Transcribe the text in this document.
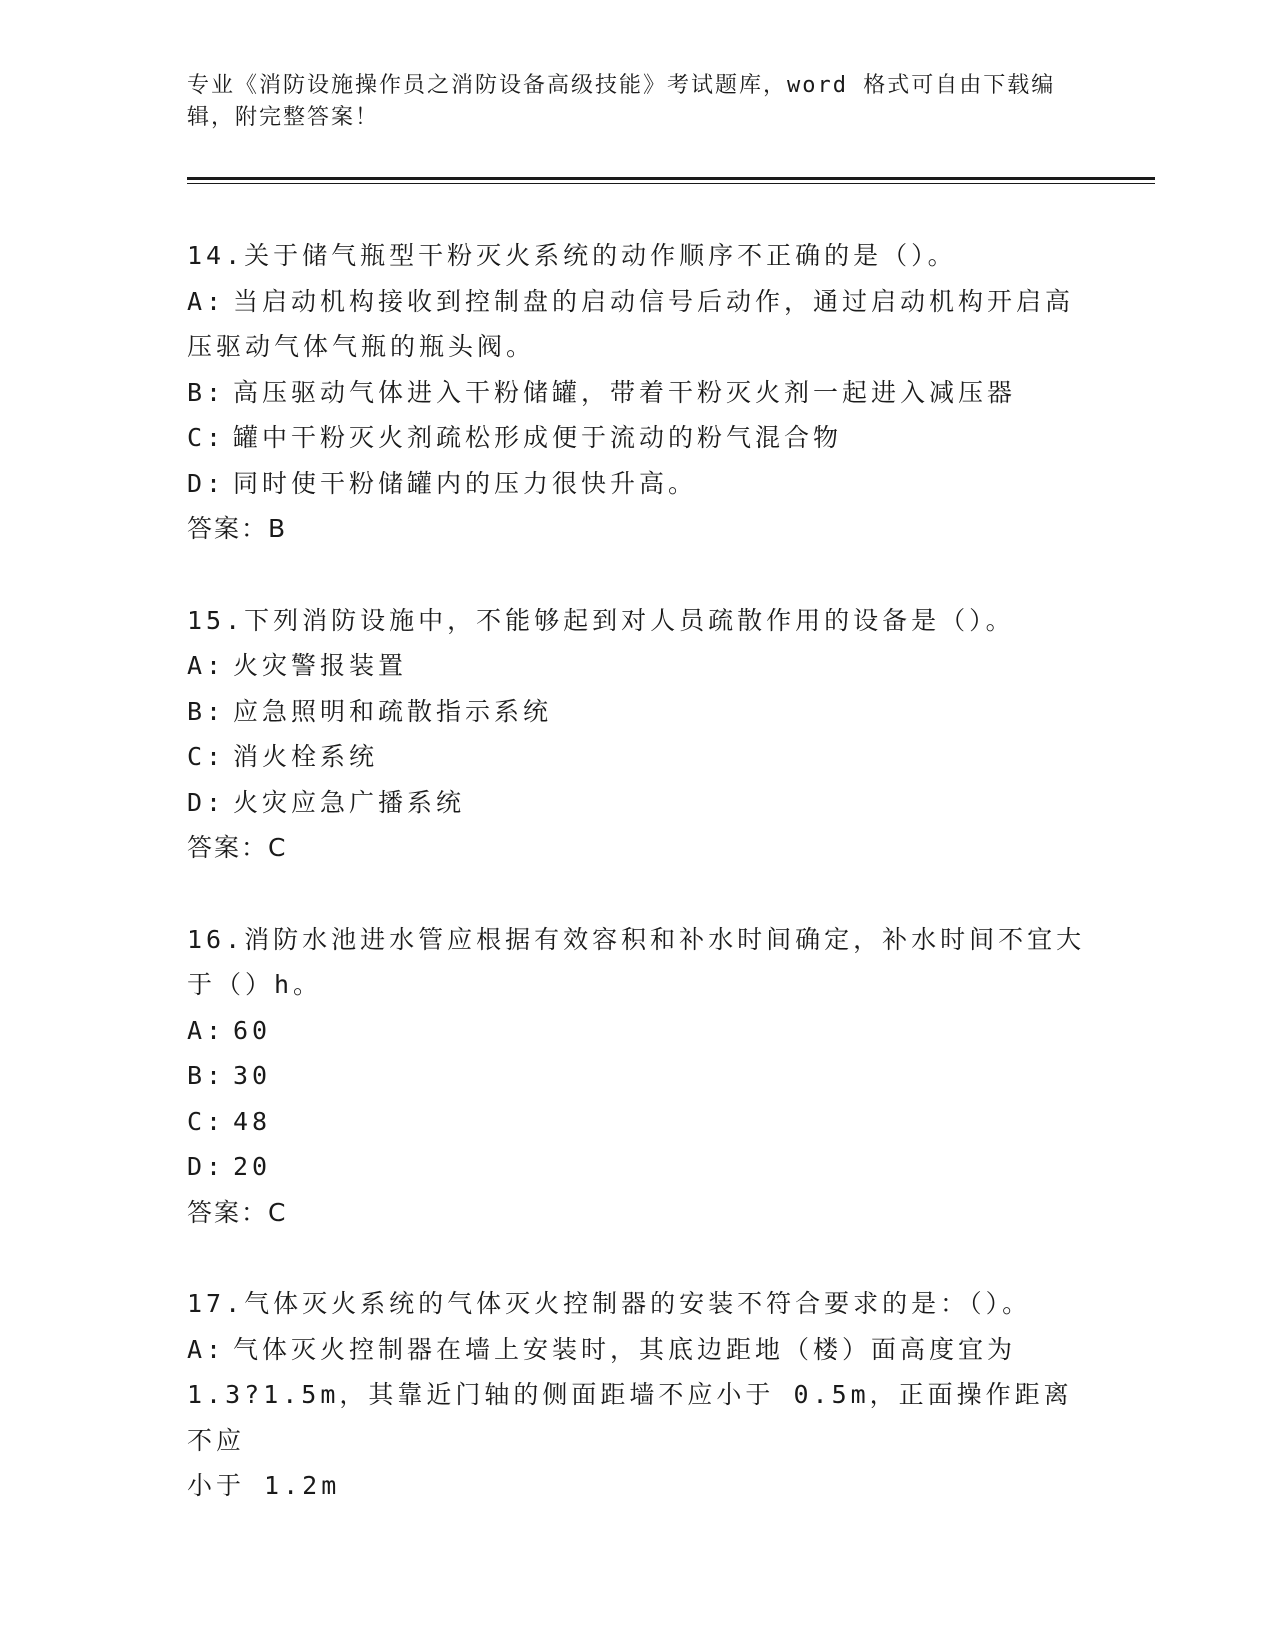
专业《消防设施操作员之消防设备高级技能》考试题库，word 格式可自由下载编
辑，附完整答案！
14.关于储气瓶型干粉灭火系统的动作顺序不正确的是（）。
A: 当启动机构接收到控制盘的启动信号后动作，通过启动机构开启高
压驱动气体气瓶的瓶头阀。
B: 高压驱动气体进入干粉储罐，带着干粉灭火剂一起进入减压器
C: 罐中干粉灭火剂疏松形成便于流动的粉气混合物
D: 同时使干粉储罐内的压力很快升高。
答案：B
15.下列消防设施中，不能够起到对人员疏散作用的设备是（）。
A: 火灾警报装置
B: 应急照明和疏散指示系统
C: 消火栓系统
D: 火灾应急广播系统
答案：C
16.消防水池进水管应根据有效容积和补水时间确定，补水时间不宜大
于（）h。
A: 60
B: 30
C: 48
D: 20
答案：C
17.气体灭火系统的气体灭火控制器的安装不符合要求的是：（）。
A: 气体灭火控制器在墙上安装时，其底边距地（楼）面高度宜为
1.3?1.5m，其靠近门轴的侧面距墙不应小于 0.5m，正面操作距离不应
小于 1.2m
